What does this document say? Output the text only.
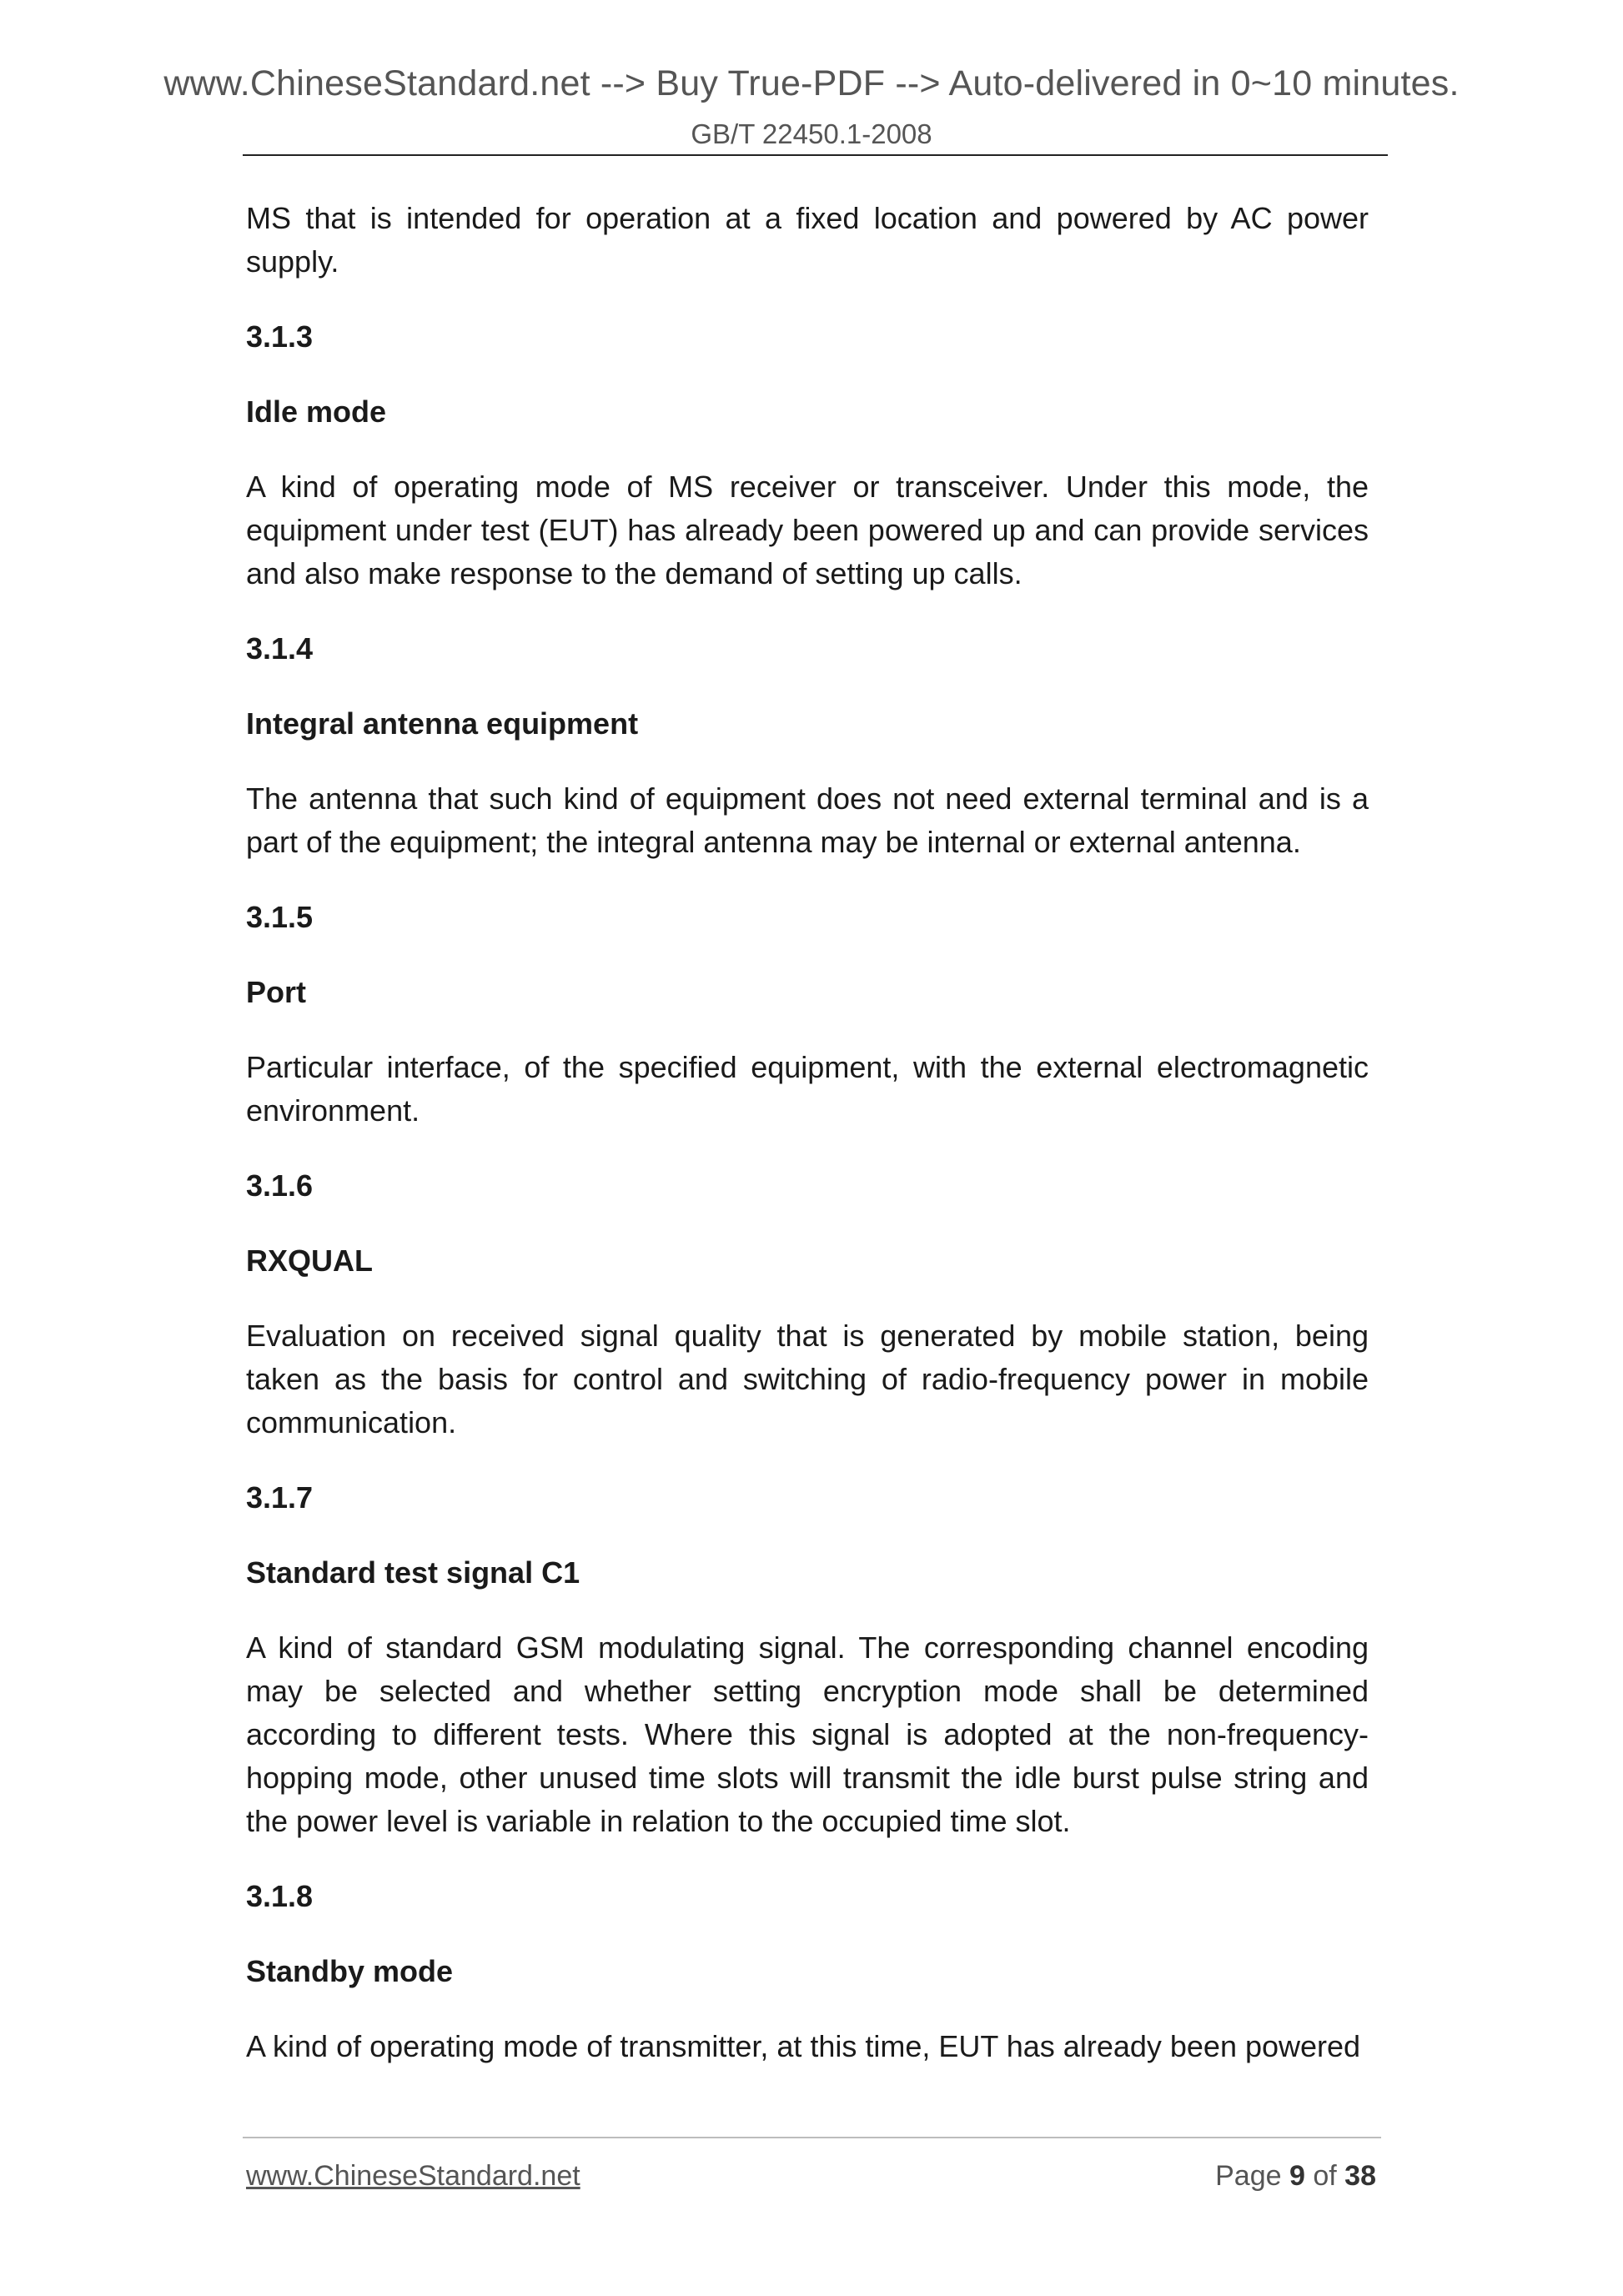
www.ChineseStandard.net --> Buy True-PDF --> Auto-delivered in 0~10 minutes.
GB/T 22450.1-2008

MS that is intended for operation at a fixed location and powered by AC power supply.

3.1.3
Idle mode

A kind of operating mode of MS receiver or transceiver. Under this mode, the equipment under test (EUT) has already been powered up and can provide services and also make response to the demand of setting up calls.

3.1.4
Integral antenna equipment

The antenna that such kind of equipment does not need external terminal and is a part of the equipment; the integral antenna may be internal or external antenna.

3.1.5
Port

Particular interface, of the specified equipment, with the external electromagnetic environment.

3.1.6
RXQUAL

Evaluation on received signal quality that is generated by mobile station, being taken as the basis for control and switching of radio-frequency power in mobile communication.

3.1.7
Standard test signal C1

A kind of standard GSM modulating signal. The corresponding channel encoding may be selected and whether setting encryption mode shall be determined according to different tests. Where this signal is adopted at the non-frequency-hopping mode, other unused time slots will transmit the idle burst pulse string and the power level is variable in relation to the occupied time slot.

3.1.8
Standby mode

A kind of operating mode of transmitter, at this time, EUT has already been powered

www.ChineseStandard.net	Page 9 of 38
